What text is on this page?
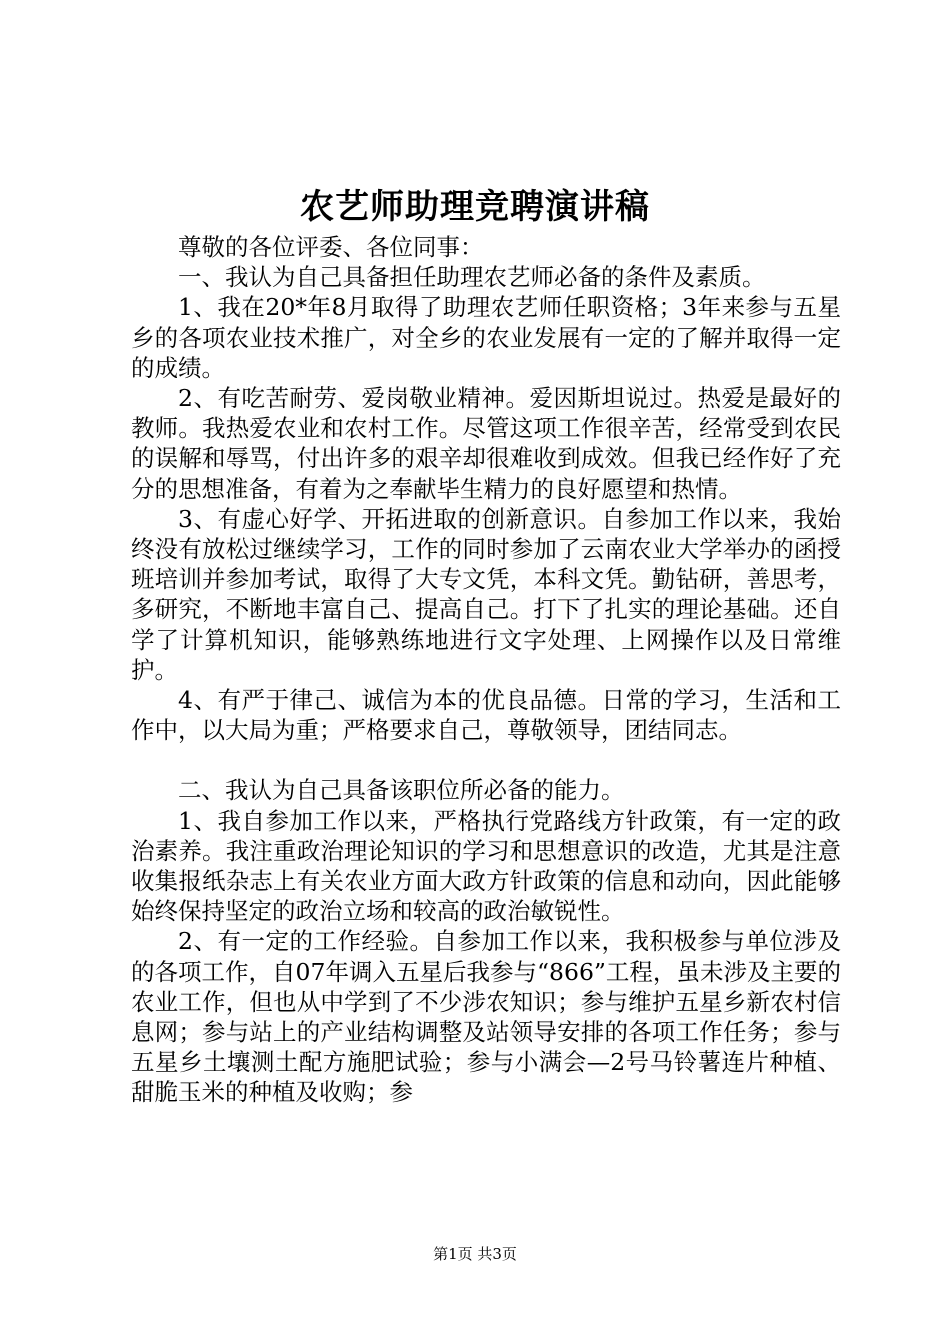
农艺师助理竞聘演讲稿

尊敬的各位评委、各位同事：

一、我认为自己具备担任助理农艺师必备的条件及素质。

1、我在20*年8月取得了助理农艺师任职资格；3年来参与五星乡的各项农业技术推广，对全乡的农业发展有一定的了解并取得一定的成绩。

2、有吃苦耐劳、爱岗敬业精神。爱因斯坦说过。热爱是最好的教师。我热爱农业和农村工作。尽管这项工作很辛苦，经常受到农民的误解和辱骂，付出许多的艰辛却很难收到成效。但我已经作好了充分的思想准备，有着为之奉献毕生精力的良好愿望和热情。

3、有虚心好学、开拓进取的创新意识。自参加工作以来，我始终没有放松过继续学习，工作的同时参加了云南农业大学举办的函授班培训并参加考试，取得了大专文凭，本科文凭。勤钻研，善思考，多研究，不断地丰富自己、提高自己。打下了扎实的理论基础。还自学了计算机知识，能够熟练地进行文字处理、上网操作以及日常维护。

4、有严于律己、诚信为本的优良品德。日常的学习，生活和工作中，以大局为重；严格要求自己，尊敬领导，团结同志。

二、我认为自己具备该职位所必备的能力。

1、我自参加工作以来，严格执行党路线方针政策，有一定的政治素养。我注重政治理论知识的学习和思想意识的改造，尤其是注意收集报纸杂志上有关农业方面大政方针政策的信息和动向，因此能够始终保持坚定的政治立场和较高的政治敏锐性。

2、有一定的工作经验。自参加工作以来，我积极参与单位涉及的各项工作，自07年调入五星后我参与“866”工程，虽未涉及主要的农业工作，但也从中学到了不少涉农知识；参与维护五星乡新农村信息网；参与站上的产业结构调整及站领导安排的各项工作任务；参与五星乡土壤测土配方施肥试验；参与小满会—2号马铃薯连片种植、甜脆玉米的种植及收购；参

第1页 共3页
